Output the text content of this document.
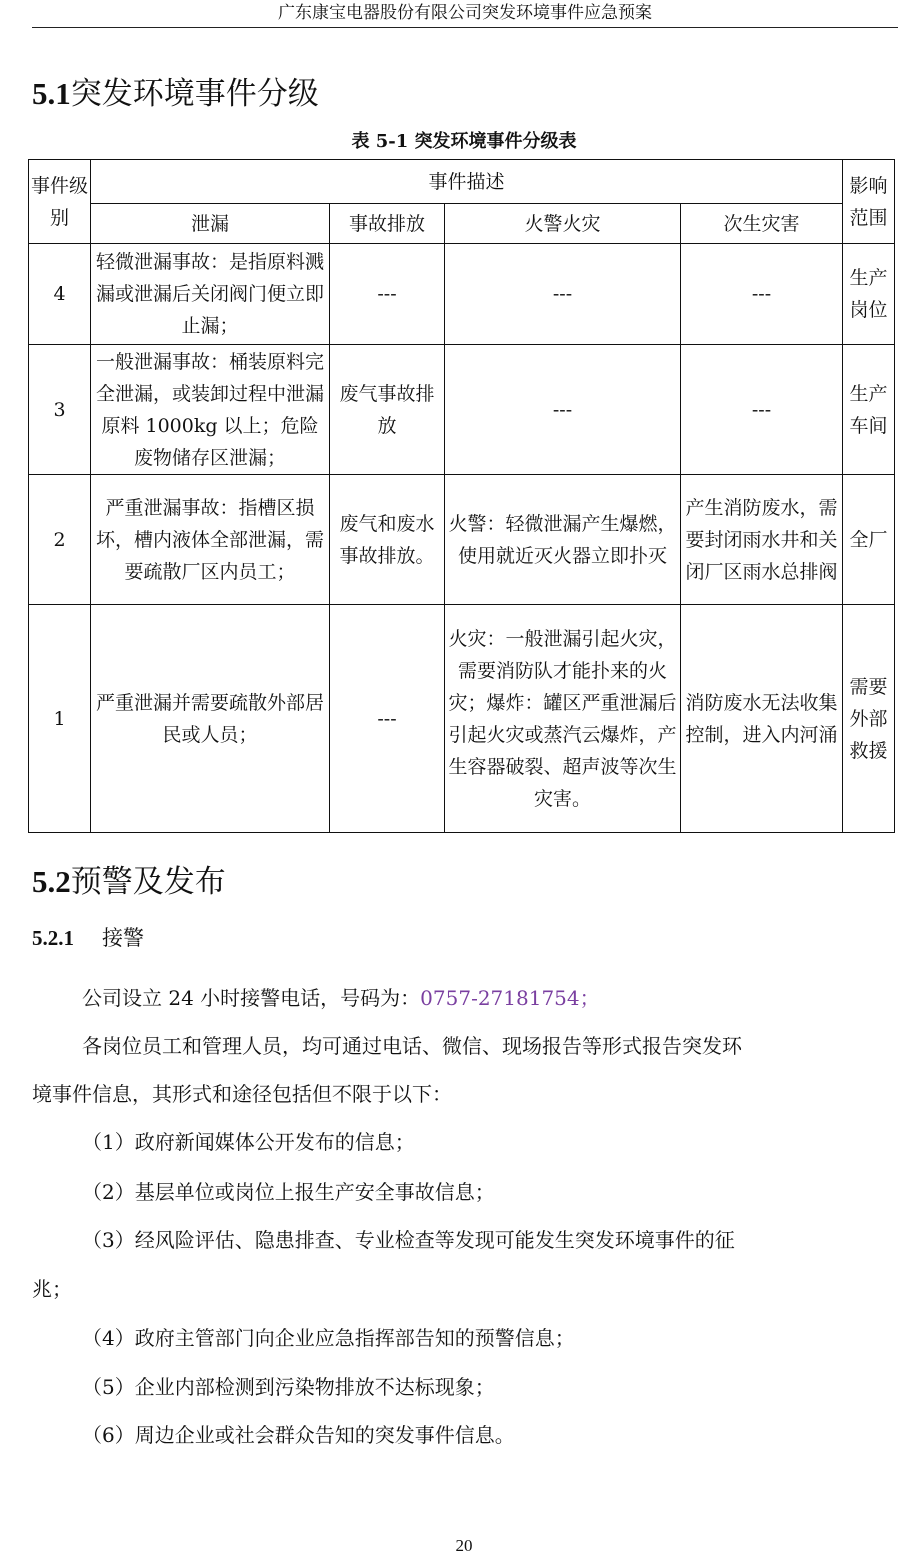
广东康宝电器股份有限公司突发环境事件应急预案
5.1突发环境事件分级
表 5-1 突发环境事件分级表
事件级别	事件描述				影响范围
	泄漏	事故排放	火警火灾	次生灾害	
4	轻微泄漏事故：是指原料溅漏或泄漏后关闭阀门便立即止漏；	---	---	---	生产岗位
3	一般泄漏事故：桶装原料完全泄漏，或装卸过程中泄漏原料 1000kg 以上；危险废物储存区泄漏；	废气事故排放	---	---	生产车间
2	严重泄漏事故：指槽区损坏，槽内液体全部泄漏，需要疏散厂区内员工；	废气和废水事故排放。	火警：轻微泄漏产生爆燃，使用就近灭火器立即扑灭	产生消防废水，需要封闭雨水井和关闭厂区雨水总排阀	全厂
1	严重泄漏并需要疏散外部居民或人员；	---	火灾：一般泄漏引起火灾，需要消防队才能扑来的火灾；爆炸：罐区严重泄漏后引起火灾或蒸汽云爆炸，产生容器破裂、超声波等次生灾害。	消防废水无法收集控制，进入内河涌	需要外部救援
5.2预警及发布
5.2.1 接警
公司设立 24 小时接警电话，号码为：0757-27181754；
各岗位员工和管理人员，均可通过电话、微信、现场报告等形式报告突发环
境事件信息，其形式和途径包括但不限于以下：
（1）政府新闻媒体公开发布的信息；
（2）基层单位或岗位上报生产安全事故信息；
（3）经风险评估、隐患排查、专业检查等发现可能发生突发环境事件的征
兆；
（4）政府主管部门向企业应急指挥部告知的预警信息；
（5）企业内部检测到污染物排放不达标现象；
（6）周边企业或社会群众告知的突发事件信息。
20
